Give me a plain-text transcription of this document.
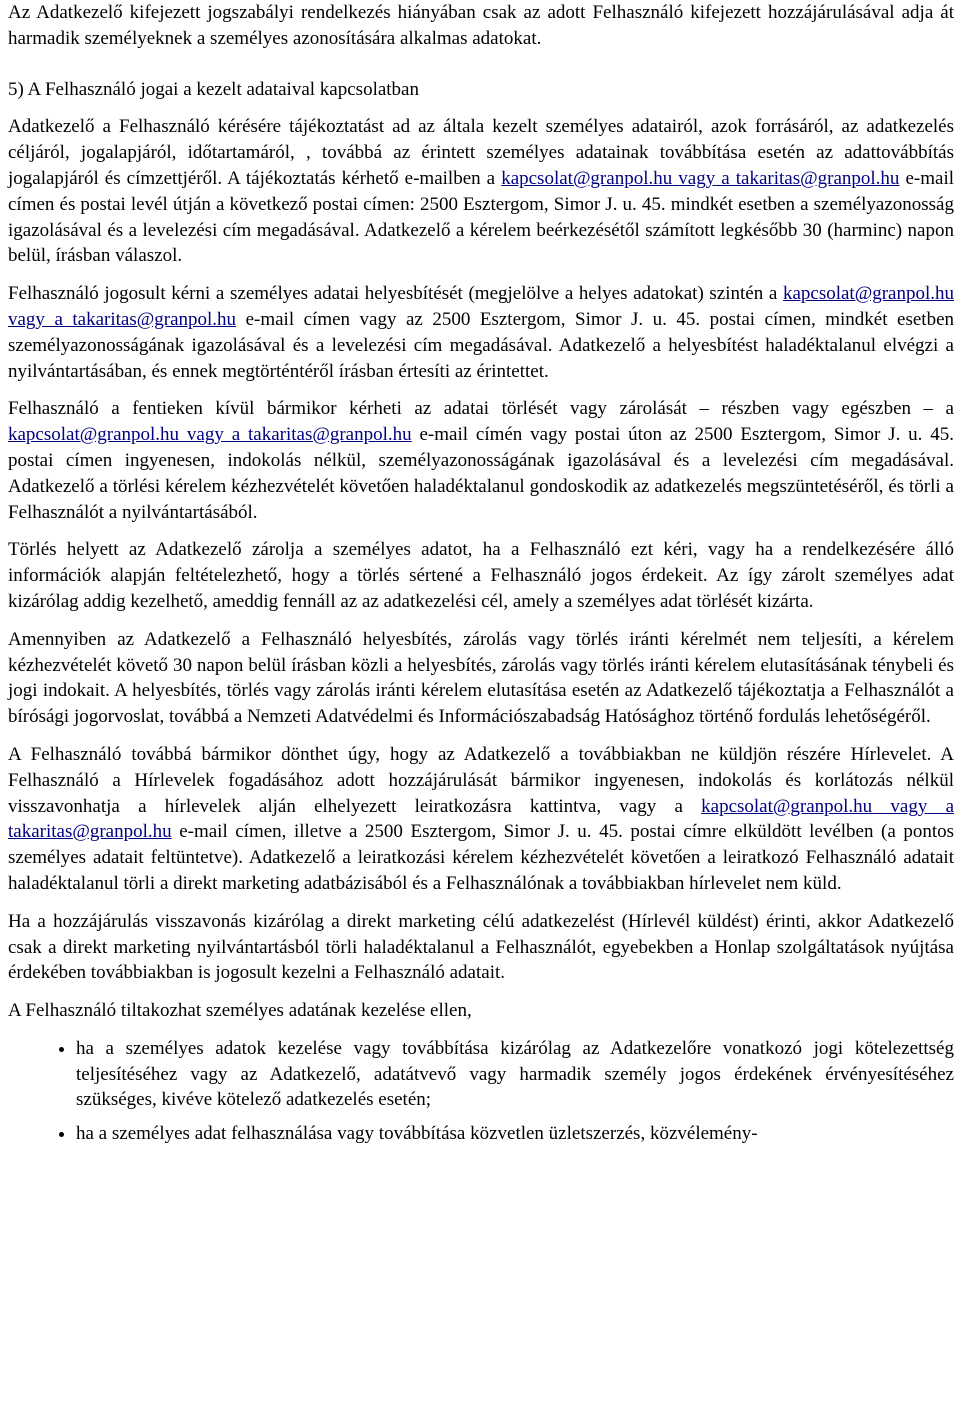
Az Adatkezelő kifejezett jogszabályi rendelkezés hiányában csak az adott Felhasználó kifejezett hozzájárulásával adja át harmadik személyeknek a személyes azonosítására alkalmas adatokat.

5) A Felhasználó jogai a kezelt adataival kapcsolatban

Adatkezelő a Felhasználó kérésére tájékoztatást ad az általa kezelt személyes adatairól, azok forrásáról, az adatkezelés céljáról, jogalapjáról, időtartamáról, , továbbá az érintett személyes adatainak továbbítása esetén az adattovábbítás jogalapjáról és címzettjéről. A tájékoztatás kérhető e-mailben a kapcsolat@granpol.hu vagy a takaritas@granpol.hu e-mail címen és postai levél útján a következő postai címen: 2500 Esztergom, Simor J. u. 45. mindkét esetben a személyazonosság igazolásával és a levelezési cím megadásával. Adatkezelő a kérelem beérkezésétől számított legkésőbb 30 (harminc) napon belül, írásban válaszol.

Felhasználó jogosult kérni a személyes adatai helyesbítését (megjelölve a helyes adatokat) szintén a kapcsolat@granpol.hu vagy a takaritas@granpol.hu e-mail címen vagy az 2500 Esztergom, Simor J. u. 45. postai címen, mindkét esetben személyazonosságának igazolásával és a levelezési cím megadásával. Adatkezelő a helyesbítést haladéktalanul elvégzi a nyilvántartásában, és ennek megtörténtéről írásban értesíti az érintettet.

Felhasználó a fentieken kívül bármikor kérheti az adatai törlését vagy zárolását – részben vagy egészben – a kapcsolat@granpol.hu vagy a takaritas@granpol.hu e-mail címén vagy postai úton az 2500 Esztergom, Simor J. u. 45. postai címen ingyenesen, indokolás nélkül, személyazonosságának igazolásával és a levelezési cím megadásával. Adatkezelő a törlési kérelem kézhezvételét követően haladéktalanul gondoskodik az adatkezelés megszüntetéséről, és törli a Felhasználót a nyilvántartásából.

Törlés helyett az Adatkezelő zárolja a személyes adatot, ha a Felhasználó ezt kéri, vagy ha a rendelkezésére álló információk alapján feltételezhető, hogy a törlés sértené a Felhasználó jogos érdekeit. Az így zárolt személyes adat kizárólag addig kezelhető, ameddig fennáll az az adatkezelési cél, amely a személyes adat törlését kizárta.

Amennyiben az Adatkezelő a Felhasználó helyesbítés, zárolás vagy törlés iránti kérelmét nem teljesíti, a kérelem kézhezvételét követő 30 napon belül írásban közli a helyesbítés, zárolás vagy törlés iránti kérelem elutasításának ténybeli és jogi indokait. A helyesbítés, törlés vagy zárolás iránti kérelem elutasítása esetén az Adatkezelő tájékoztatja a Felhasználót a bírósági jogorvoslat, továbbá a Nemzeti Adatvédelmi és Információszabadság Hatósághoz történő fordulás lehetőségéről.

A Felhasználó továbbá bármikor dönthet úgy, hogy az Adatkezelő a továbbiakban ne küldjön részére Hírlevelet. A Felhasználó a Hírlevelek fogadásához adott hozzájárulását bármikor ingyenesen, indokolás és korlátozás nélkül visszavonhatja a hírlevelek alján elhelyezett leiratkozásra kattintva, vagy a kapcsolat@granpol.hu vagy a takaritas@granpol.hu e-mail címen, illetve a 2500 Esztergom, Simor J. u. 45. postai címre elküldött levélben (a pontos személyes adatait feltüntetve). Adatkezelő a leiratkozási kérelem kézhezvételét követően a leiratkozó Felhasználó adatait haladéktalanul törli a direkt marketing adatbázisából és a Felhasználónak a továbbiakban hírlevelet nem küld.

Ha a hozzájárulás visszavonás kizárólag a direkt marketing célú adatkezelést (Hírlevél küldést) érinti, akkor Adatkezelő csak a direkt marketing nyilvántartásból törli haladéktalanul a Felhasználót, egyebekben a Honlap szolgáltatások nyújtása érdekében továbbiakban is jogosult kezelni a Felhasználó adatait.

A Felhasználó tiltakozhat személyes adatának kezelése ellen,

• ha a személyes adatok kezelése vagy továbbítása kizárólag az Adatkezelőre vonatkozó jogi kötelezettség teljesítéséhez vagy az Adatkezelő, adatátvevő vagy harmadik személy jogos érdekének érvényesítéséhez szükséges, kivéve kötelező adatkezelés esetén;
• ha a személyes adat felhasználása vagy továbbítása közvetlen üzletszerzés, közvélemény-
